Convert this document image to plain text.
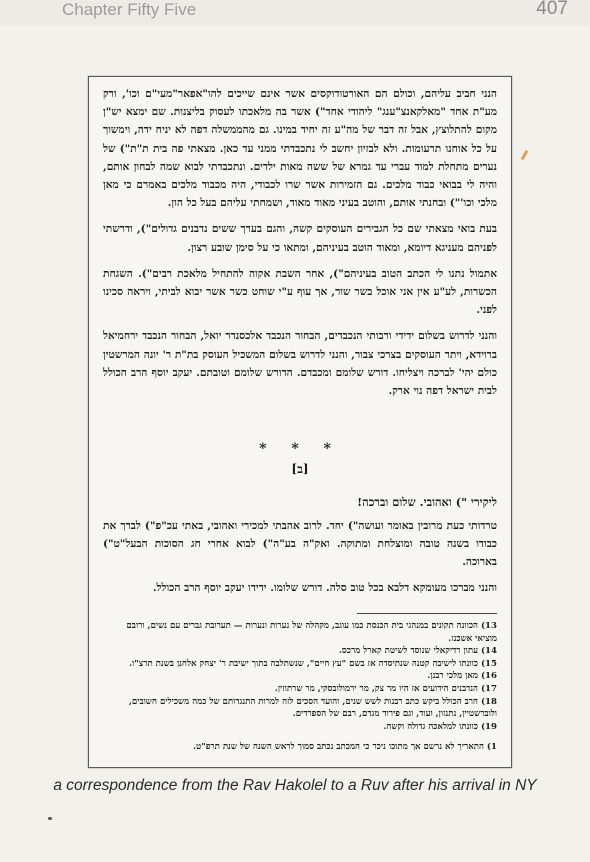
Chapter Fifty Five	407

הנני חביב עליהם, וכולם הם האורטודוקסים אשר אינם שייכים להו"אפאר"מעי"ם וכו', ורק מע"ת אחד "מאלקאנצ"ענג" ליהודי אחד") אשר בה מלאכתו לעסוק בליצנות. שם ימצא יש"ן מקום להתלוצץ, אבל זה דבר של מה"ע זה יחיד במינו. גם מהממשלה דפה לא יניח ידה, וימשוך על כל אוחנו תרעומות. ולא לבזיון יחשב לי נתכבדתי ממני עד כאן. מצאתי פה בית ת"ת") של נערים מתחלת למוד עברי עד גמרא של ששה מאות ילדים. ונתכבדתי לבוא שמה לבחון אותם, והיה לי בבואי כבוד מלכים. גם הזמירות אשר שרו לכבודי, היה מכבוד מלכים באמרם כי מאן מלכי וכו'") ובחנתי אותם, והוטב בעיני מאוד מאוד, ושמחתי עליהם בעל כל הון.

בעת בואי מצאתי שם כל הגבירים העוסקים קשה, והגם בערך ששים נדבנים גדולים"), ודרשתי לפניהם מעניגא דיומא, ומאוד הוטב בעיניהם, ומתאו כי על סימן שובע רצון.

אתמול נתנו לי הכתב הטוב בעיניהם"), אחר השבת אקוה להתחיל מלאכת רבים"). השגחת הכשרות, לע"ע אין אני אוכל בשר שור, אך עוף ע"י שוחט כשר אשר יבוא לביתי, ויראה סכינו לפני.

והנני לדרוש בשלום ידידי ורבותי הנכבדים, הבחור הנכבד אלכסנדר יואל, הבחור הנכבד ירחמיאל ברוידא, ויתר העוסקים בצרכי צבור, והנני לדרוש בשלום המשכיל העוסק בת"ת ר' יונה המרשטין כולם יהי' לברכה ויצליחו. דורש שלומם ומכבדם. הדורש שלומם וטובתם. יעקב יוסף הרב הכולל לבית ישראל דפה נוי ארק.

* * *
[ב]

ליקירי ") ואהובי. שלום וברכה!

טרדותי כעת מרובין באומר ועושה") יחד. לרוב אהבתי למכירי ואהובי, באתי עכ"פ") לברך את כבודו בשנה טובה ומוצלחת ומתוקה. ואק"ה בע"ה") לבוא אחרי חג הסוכות הבעל"ט") בארוכה.

והנני מברכו מעומקא דלבא בכל טוב סלה. דורש שלומו. ידידו יעקב יוסף הרב הכולל.

13) הכוונה תקונים במנהגי בית הכנסת כמו עוגב, מקהלה של נערות ונערות — תערובת גברים עם נשים, ורובם מוציאי אשכנז.

14) עתון רדיקאלי שנוסד לשיטת קארל מרכס.

15) כוונתו לישיבה קטנה שנתיסדה אז בשם "עץ חיים", שנשתלבה בתוך ישיבת ר' יצחק אלחנן בשנת תרצ"ו.

16) מאן מלכי רבנן.

17) הנדבנים הידועים אז היו מר צק, מר ירמולובסקי, מר שרתוזין.

18) הרב הכולל ביקש כתב רבנות לשש שנים, והועד הסכים לזה למרות התנגדותם של כמה משכילים חשובים, ולוברשטיין, נתנזון, ועוד, וגם פירוד מגדם, רבם של הספרדים.

19) כוונתו למלאכה גדולה וקשה.

1) התאריך לא נרשם אך מתוכו ניכר כי המכתב נכתב סמוך לראש השנה של שנת תרפ"ט.

a correspondence from the Rav Hakolel to a Ruv after his arrival in NY
